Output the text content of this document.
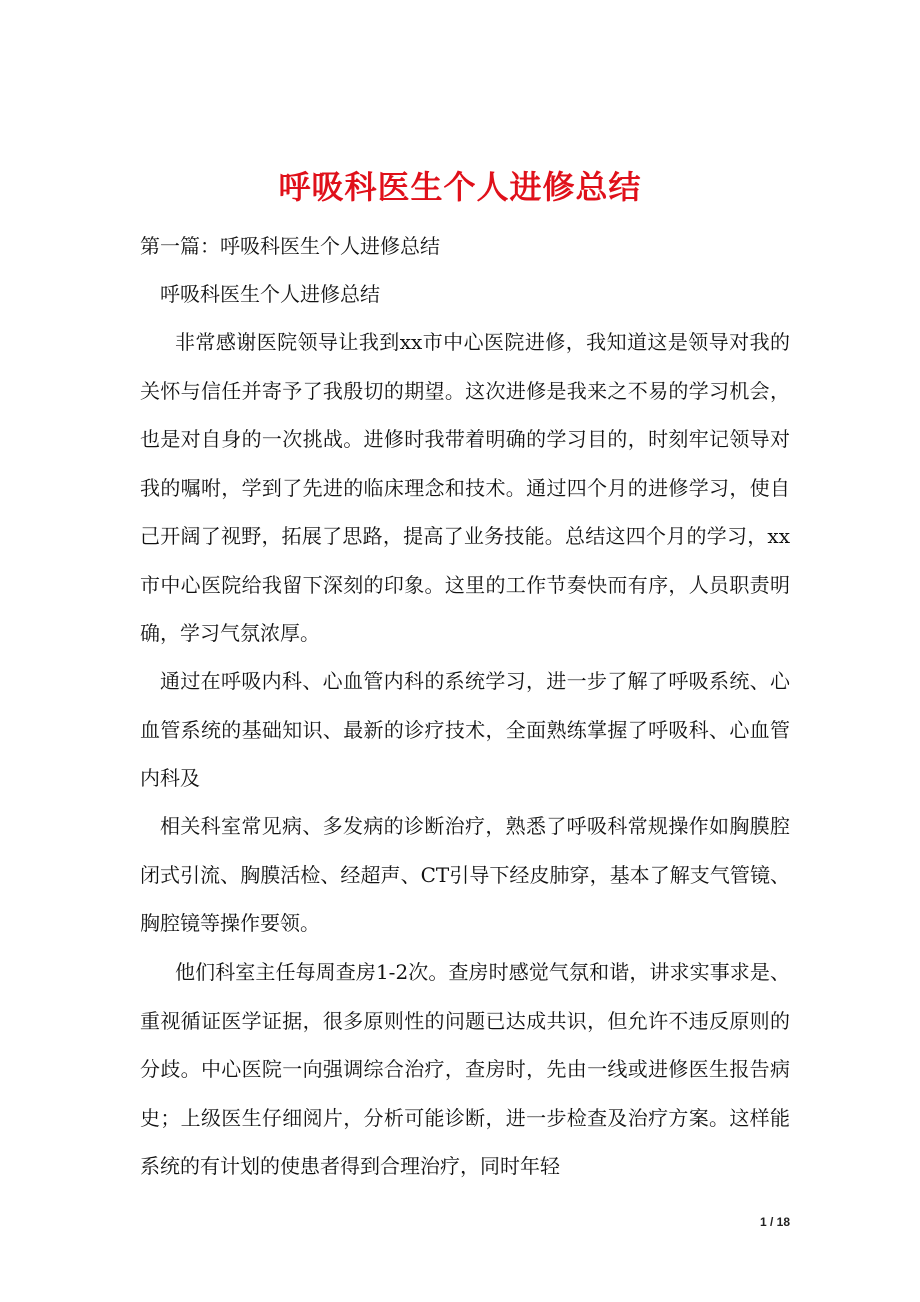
呼吸科医生个人进修总结

第一篇：呼吸科医生个人进修总结

呼吸科医生个人进修总结

非常感谢医院领导让我到xx市中心医院进修，我知道这是领导对我的关怀与信任并寄予了我殷切的期望。这次进修是我来之不易的学习机会，也是对自身的一次挑战。进修时我带着明确的学习目的，时刻牢记领导对我的嘱咐，学到了先进的临床理念和技术。通过四个月的进修学习，使自己开阔了视野，拓展了思路，提高了业务技能。总结这四个月的学习，xx市中心医院给我留下深刻的印象。这里的工作节奏快而有序，人员职责明确，学习气氛浓厚。

通过在呼吸内科、心血管内科的系统学习，进一步了解了呼吸系统、心血管系统的基础知识、最新的诊疗技术，全面熟练掌握了呼吸科、心血管内科及

相关科室常见病、多发病的诊断治疗，熟悉了呼吸科常规操作如胸膜腔闭式引流、胸膜活检、经超声、CT引导下经皮肺穿，基本了解支气管镜、胸腔镜等操作要领。

他们科室主任每周查房1-2次。查房时感觉气氛和谐，讲求实事求是、重视循证医学证据，很多原则性的问题已达成共识，但允许不违反原则的分歧。中心医院一向强调综合治疗，查房时，先由一线或进修医生报告病史；上级医生仔细阅片，分析可能诊断，进一步检查及治疗方案。这样能系统的有计划的使患者得到合理治疗，同时年轻

1 / 18
